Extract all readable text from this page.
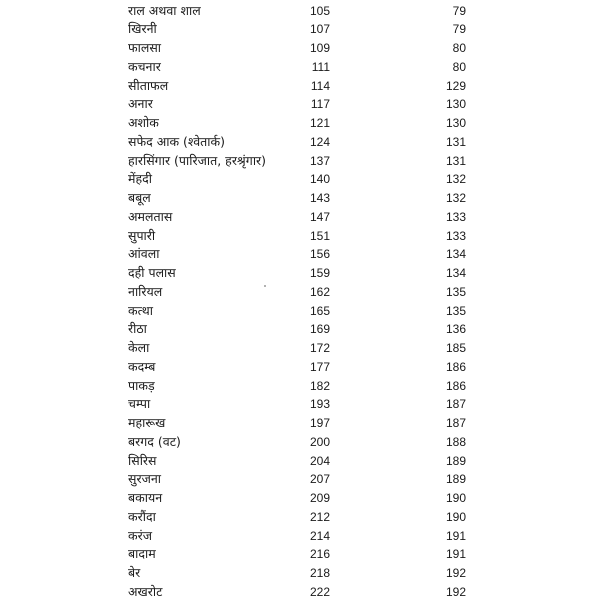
राल अथवा शाल	105	79
खिरनी	107	79
फालसा	109	80
कचनार	111	80
सीताफल	114	129
अनार	117	130
अशोक	121	130
सफेद आक (श्वेतार्क)	124	131
हारसिंगार (पारिजात, हरश्रृंगार)	137	131
मेंहदी	140	132
बबूल	143	132
अमलतास	147	133
सुपारी	151	133
आंवला	156	134
दही पलास	159	134
नारियल	162	135
कत्था	165	135
रीठा	169	136
केला	172	185
कदम्ब	177	186
पाकड़	182	186
चम्पा	193	187
महारूख	197	187
बरगद (वट)	200	188
सिरिस	204	189
सुरजना	207	189
बकायन	209	190
करौंदा	212	190
करंज	214	191
बादाम	216	191
बेर	218	192
अखरोट	222	192
